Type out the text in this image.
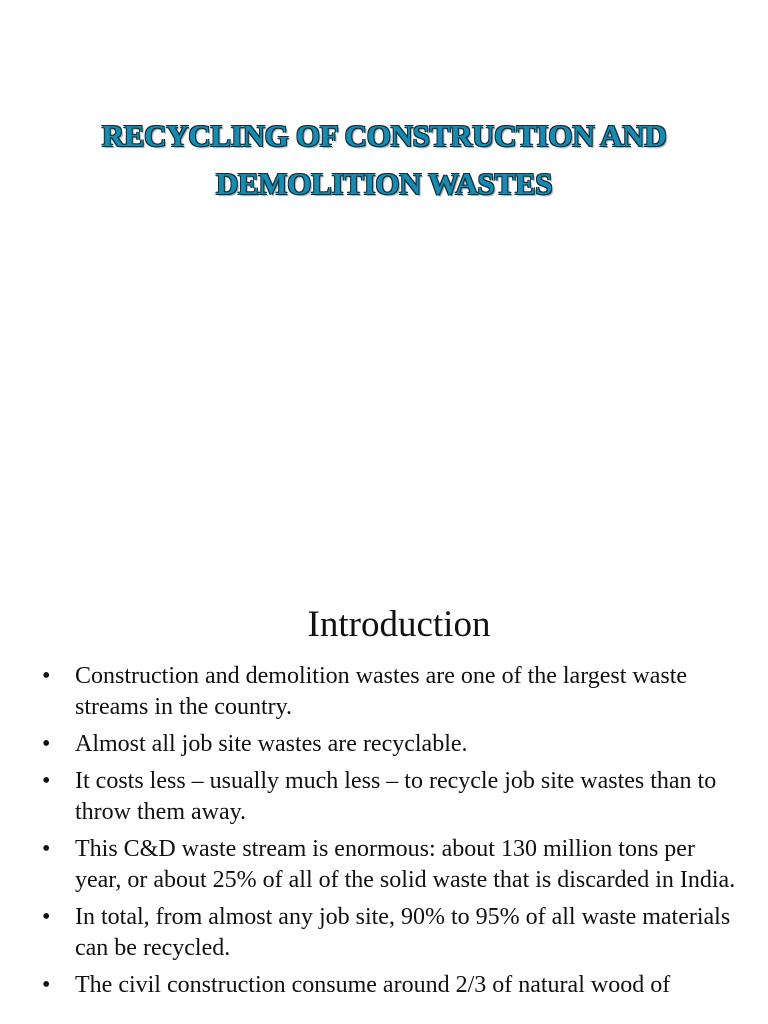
RECYCLING OF CONSTRUCTION AND
DEMOLITION WASTES
Introduction
• Construction and demolition wastes are one of the largest waste streams in the country.
• Almost all job site wastes are recyclable.
• It costs less – usually much less – to recycle job site wastes than to throw them away.
• This C&D waste stream is enormous: about 130 million tons per year, or about 25% of all of the solid waste that is discarded in India.
• In total, from almost any job site, 90% to 95% of all waste materials can be recycled.
• The civil construction consume around 2/3 of natural wood of
